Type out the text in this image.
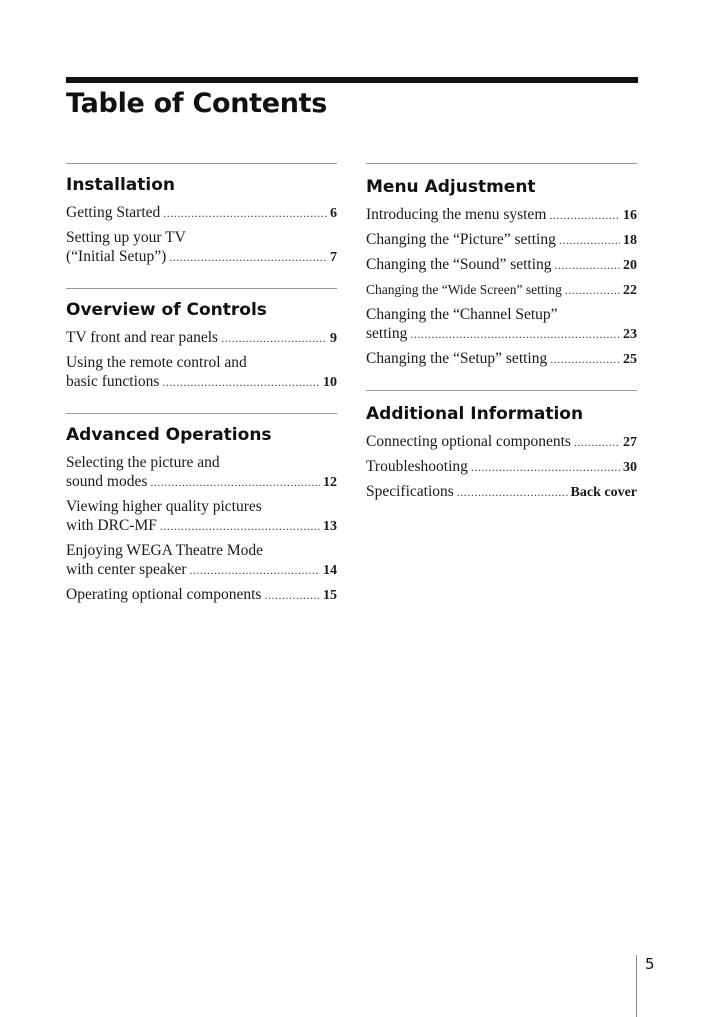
Table of Contents
Installation
Getting Started .....	6
Setting up your TV
(“Initial Setup”) .....	7
Overview of Controls
TV front and rear panels .....	9
Using the remote control and
basic functions .....	10
Advanced Operations
Selecting the picture and
sound modes .....	12
Viewing higher quality pictures
with DRC-MF .....	13
Enjoying WEGA Theatre Mode
with center speaker .....	14
Operating optional components .....	15
Menu Adjustment
Introducing the menu system .....	16
Changing the “Picture” setting .....	18
Changing the “Sound” setting .....	20
Changing the “Wide Screen” setting .....	22
Changing the “Channel Setup”
setting .....	23
Changing the “Setup” setting .....	25
Additional Information
Connecting optional components .....	27
Troubleshooting .....	30
Specifications .....	Back cover
5
